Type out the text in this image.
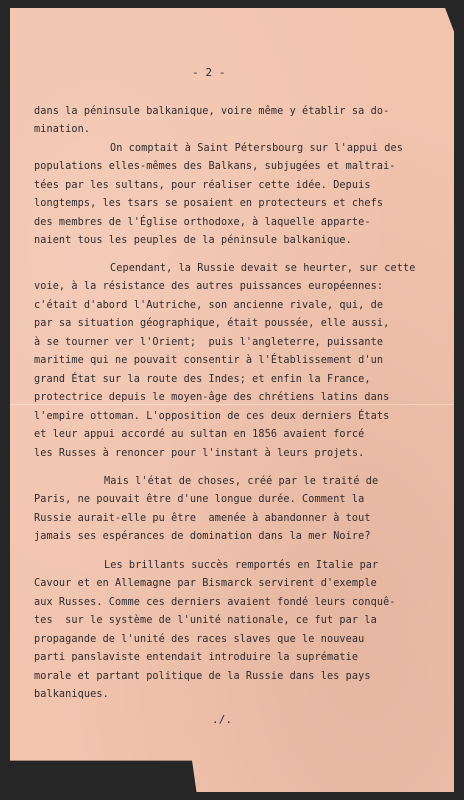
- 2 -
dans la péninsule balkanique, voire même y établir sa do-
mination.
On comptait à Saint Pétersbourg sur l'appui des
populations elles-mêmes des Balkans, subjugées et maltrai-
tées par les sultans, pour réaliser cette idée. Depuis
longtemps, les tsars se posaient en protecteurs et chefs
des membres de l'Église orthodoxe, à laquelle apparte-
naient tous les peuples de la péninsule balkanique.
Cependant, la Russie devait se heurter, sur cette
voie, à la résistance des autres puissances européennes:
c'était d'abord l'Autriche, son ancienne rivale, qui, de
par sa situation géographique, était poussée, elle aussi,
à se tourner ver l'Orient;  puis l'angleterre, puissante
maritime qui ne pouvait consentir à l'Établissement d'un
grand État sur la route des Indes; et enfin la France,
protectrice depuis le moyen-âge des chrétiens latins dans
l'empire ottoman. L'opposition de ces deux derniers États
et leur appui accordé au sultan en 1856 avaient forcé
les Russes à renoncer pour l'instant à leurs projets.
Mais l'état de choses, créé par le traité de
Paris, ne pouvait être d'une longue durée. Comment la
Russie aurait-elle pu être  amenée à abandonner à tout
jamais ses espérances de domination dans la mer Noire?
Les brillants succès remportés en Italie par
Cavour et en Allemagne par Bismarck servirent d'exemple
aux Russes. Comme ces derniers avaient fondé leurs conquê-
tes  sur le système de l'unité nationale, ce fut par la
propagande de l'unité des races slaves que le nouveau
parti panslaviste entendait introduire la suprématie
morale et partant politique de la Russie dans les pays
balkaniques.
./.
